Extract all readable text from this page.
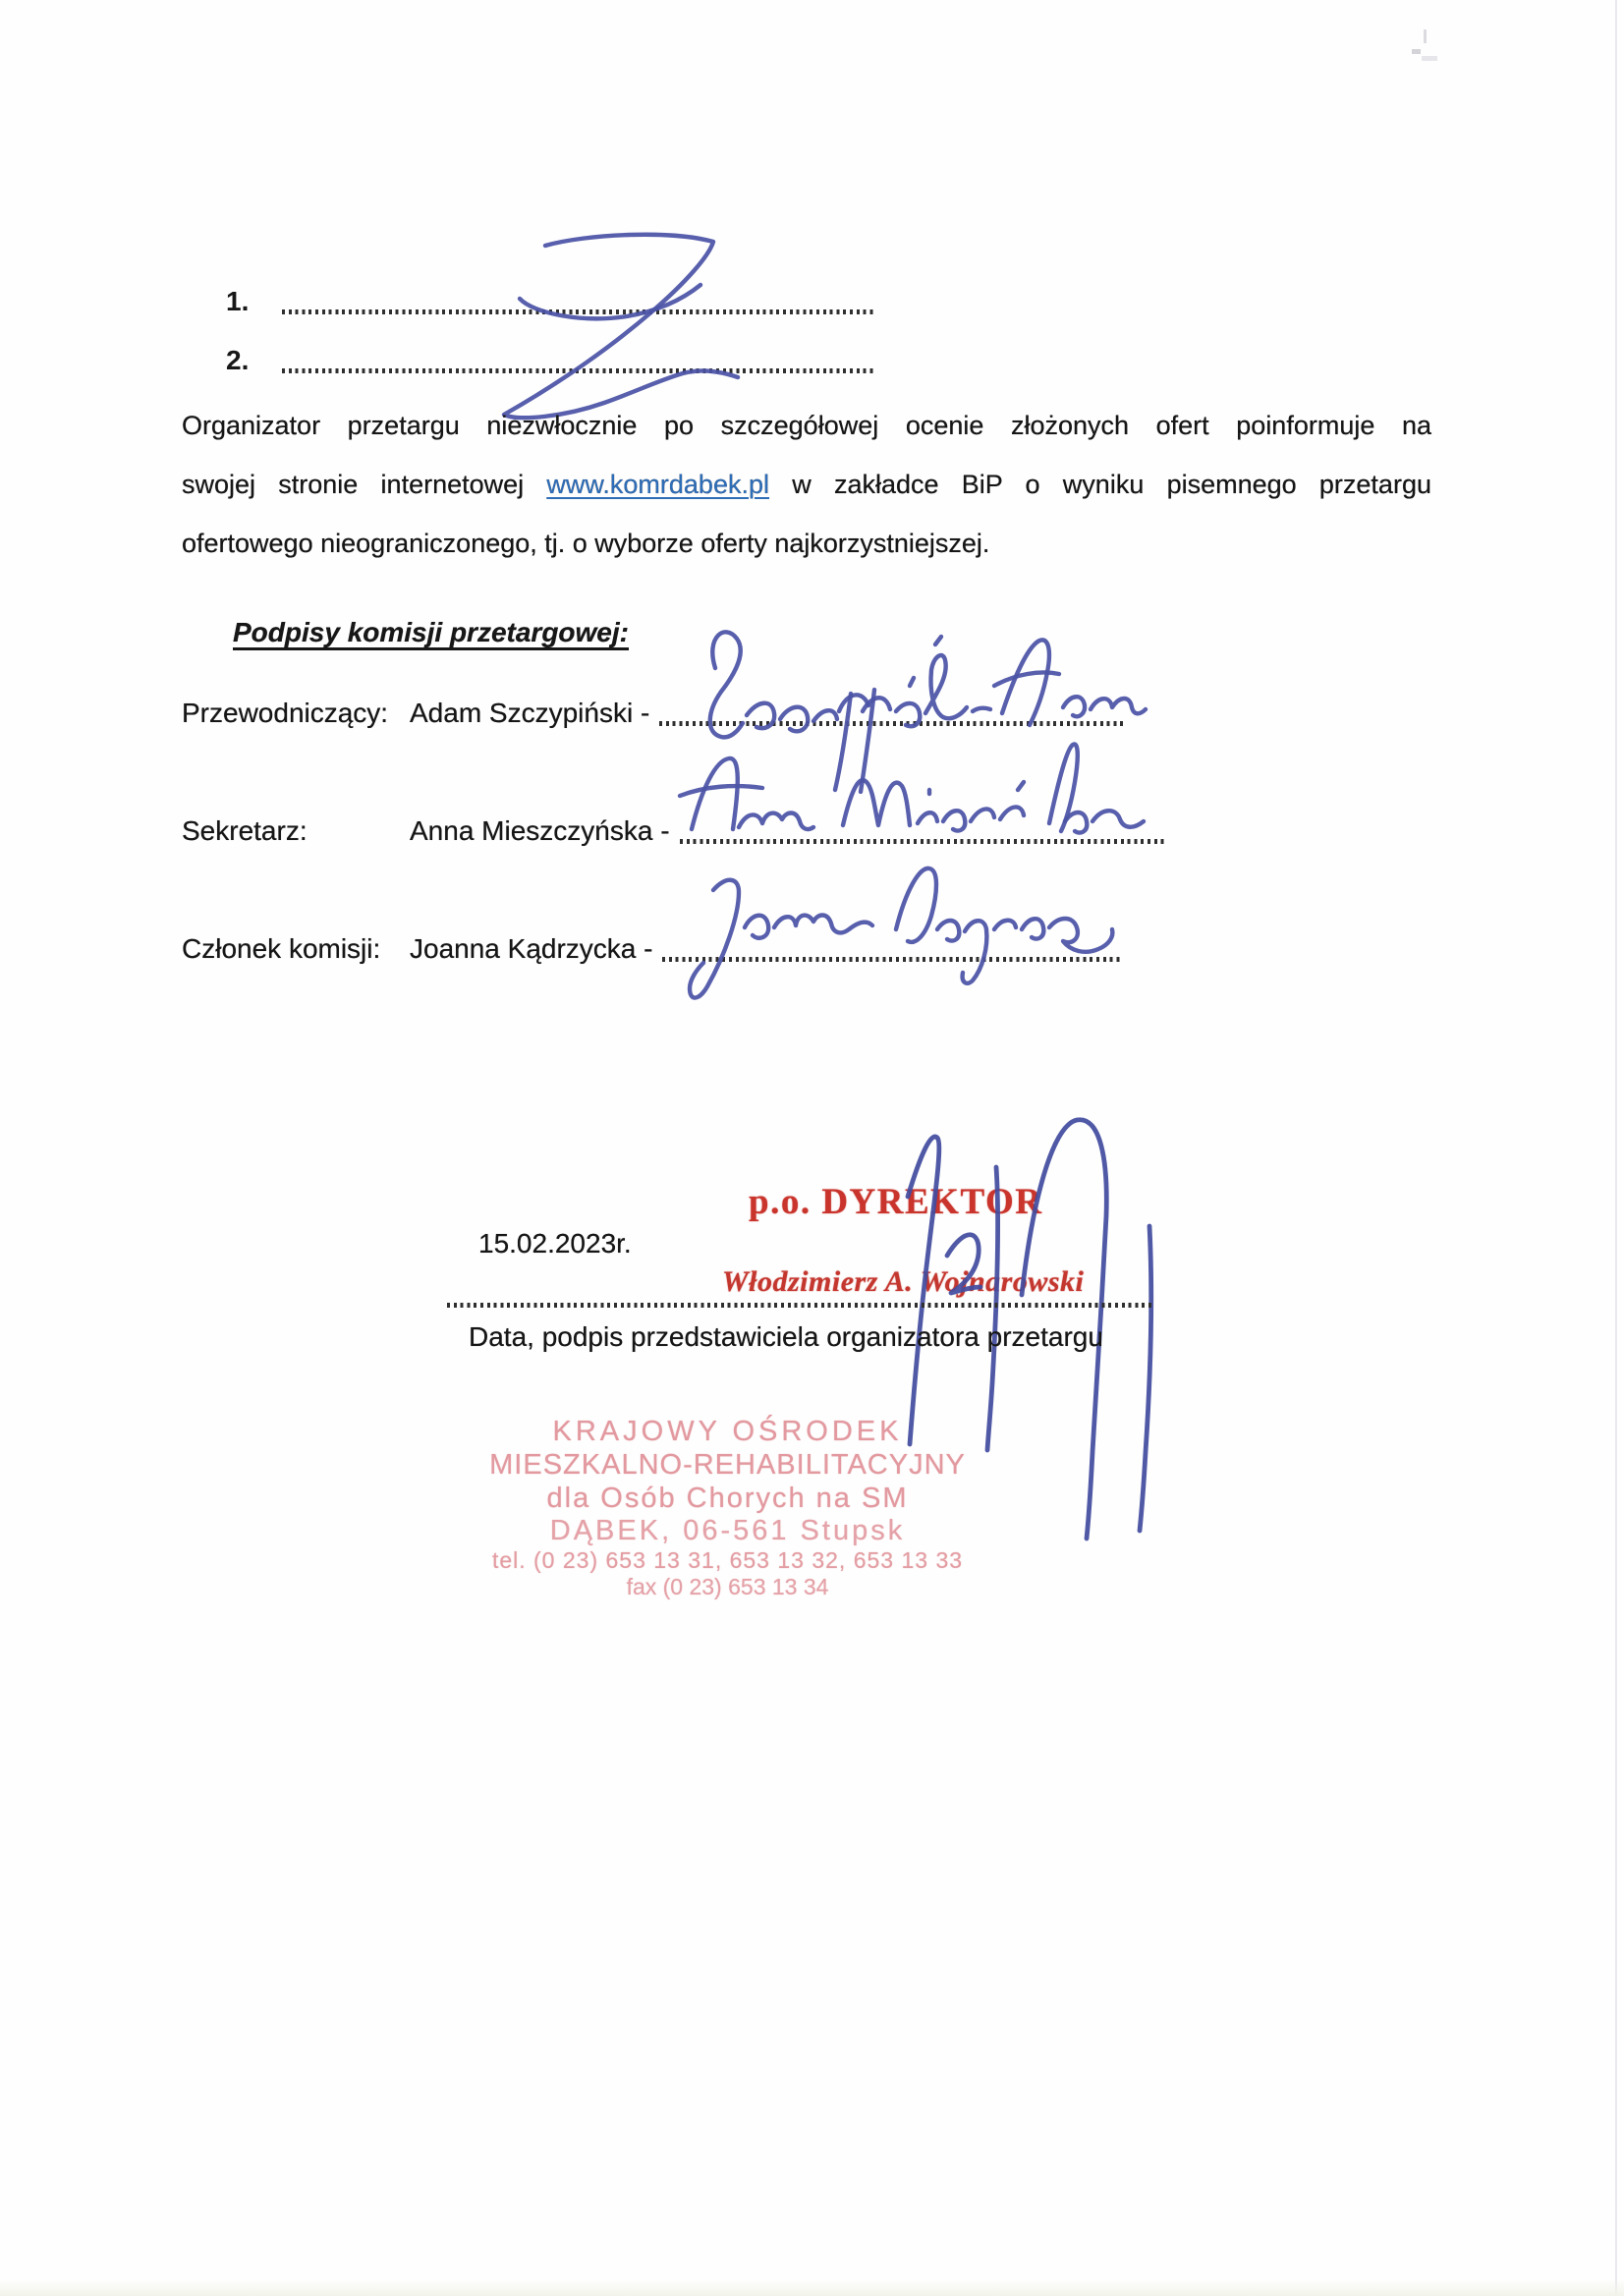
1.
2.
Organizator przetargu niezwłocznie po szczegółowej ocenie złożonych ofert poinformuje na
swojej stronie internetowej www.komrdabek.pl w zakładce BiP o wyniku pisemnego przetargu
ofertowego nieograniczonego, tj. o wyborze oferty najkorzystniejszej.
Podpisy komisji przetargowej:
Przewodniczący: Adam Szczypiński -
Sekretarz:	Anna Mieszczyńska -
Członek komisji:	Joanna Kądrzycka -
15.02.2023r.
p.o. DYREKTOR
Włodzimierz A. Wojnarowski
Data, podpis przedstawiciela organizatora przetargu
KRAJOWY OŚRODEK
MIESZKALNO-REHABILITACYJNY
dla Osób Chorych na SM
DĄBEK, 06-561 Stupsk
tel. (0 23) 653 13 31, 653 13 32, 653 13 33
fax (0 23) 653 13 34
